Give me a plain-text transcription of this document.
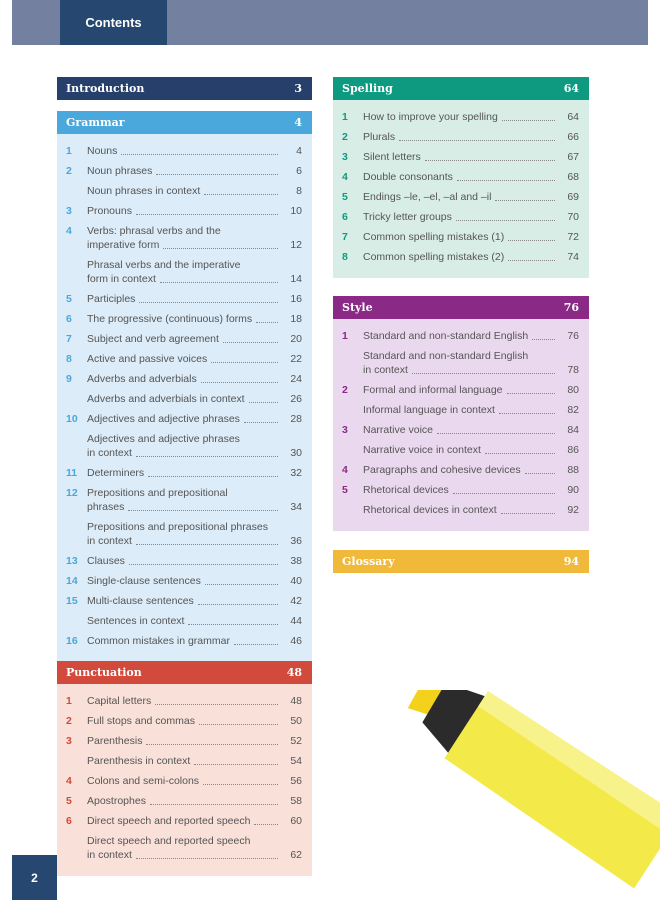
Contents
Introduction	3
Grammar	4
1	Nouns	4
2	Noun phrases	6
Noun phrases in context	8
3	Pronouns	10
4	Verbs: phrasal verbs and the
imperative form	12
Phrasal verbs and the imperative
form in context	14
5	Participles	16
6	The progressive (continuous) forms	18
7	Subject and verb agreement	20
8	Active and passive voices	22
9	Adverbs and adverbials	24
Adverbs and adverbials in context	26
10 Adjectives and adjective phrases	28
Adjectives and adjective phrases
in context	30
11 Determiners	32
12 Prepositions and prepositional
phrases	34
Prepositions and prepositional phrases
in context	36
13 Clauses	38
14 Single-clause sentences	40
15 Multi-clause sentences	42
Sentences in context	44
16 Common mistakes in grammar	46
Punctuation	48
1	Capital letters	48
2	Full stops and commas	50
3	Parenthesis	52
Parenthesis in context	54
4	Colons and semi-colons	56
5	Apostrophes	58
6	Direct speech and reported speech	60
Direct speech and reported speech
in context	62
Spelling	64
1	How to improve your spelling	64
2	Plurals	66
3	Silent letters	67
4	Double consonants	68
5	Endings –le, –el, –al and –il	69
6	Tricky letter groups	70
7	Common spelling mistakes (1)	72
8	Common spelling mistakes (2)	74
Style	76
1	Standard and non-standard English	76
Standard and non-standard English
in context	78
2	Formal and informal language	80
Informal language in context	82
3	Narrative voice	84
Narrative voice in context	86
4	Paragraphs and cohesive devices	88
5	Rhetorical devices	90
Rhetorical devices in context	92
Glossary	94
2
